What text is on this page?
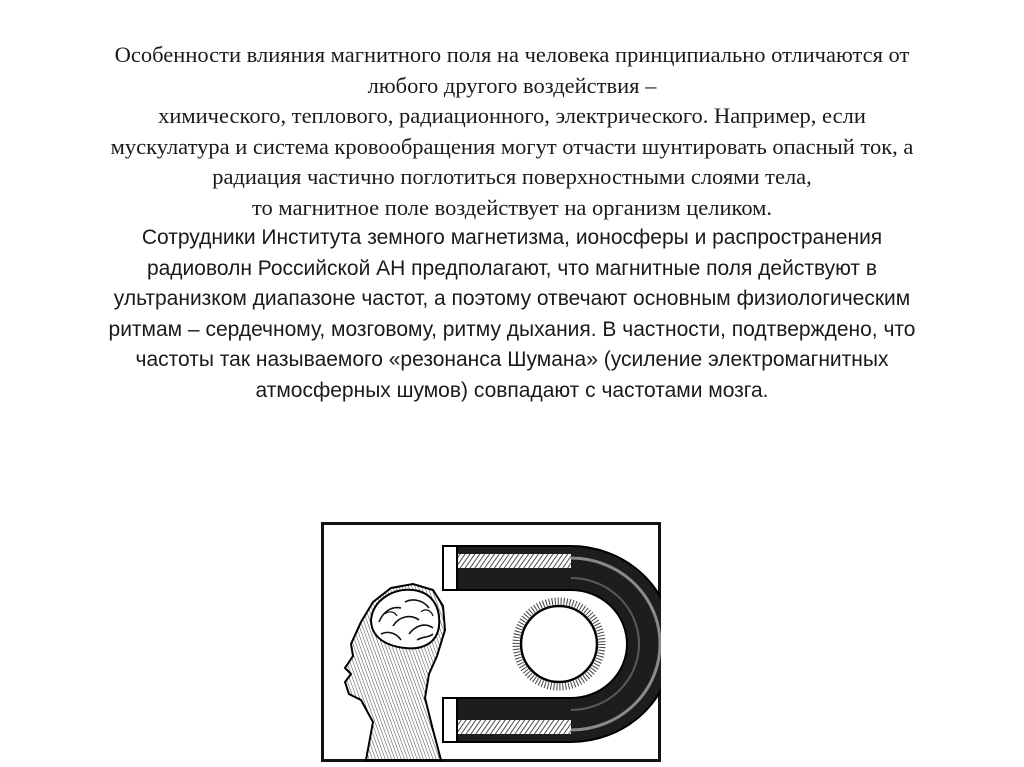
Особенности влияния магнитного поля на человека принципиально отличаются от

любого другого воздействия –

химического, теплового, радиационного, электрического. Например, если

мускулатура и система кровообращения могут отчасти шунтировать опасный ток, а

радиация частично поглотиться поверхностными слоями тела,

то магнитное поле воздействует на организм целиком.

Сотрудники Института земного магнетизма, ионосферы и распространения

радиоволн Российской АН предполагают, что магнитные поля действуют в

ультранизком диапазоне частот, а поэтому отвечают основным физиологическим

ритмам – сердечному, мозговому, ритму дыхания. В частности, подтверждено, что

частоты так называемого «резонанса Шумана» (усиление электромагнитных

атмосферных шумов) совпадают с частотами мозга.

+
